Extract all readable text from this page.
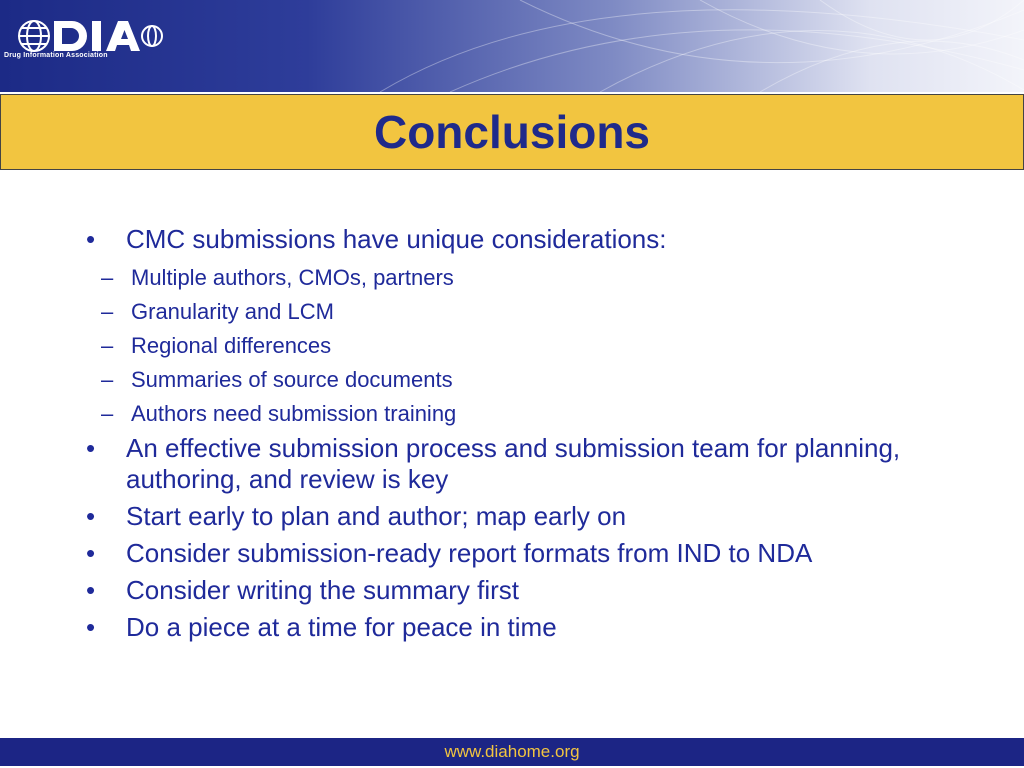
Drug Information Association
Conclusions
•	CMC submissions have unique considerations:
– Multiple authors, CMOs, partners
– Granularity and LCM
– Regional differences
– Summaries of source documents
– Authors need submission training
•	An effective submission process and submission team for planning, authoring, and review is key
•	Start early to plan and author; map early on
•	Consider submission-ready report formats from IND to NDA
•	Consider writing the summary first
•	Do a piece at a time for peace in time
www.diahome.org
